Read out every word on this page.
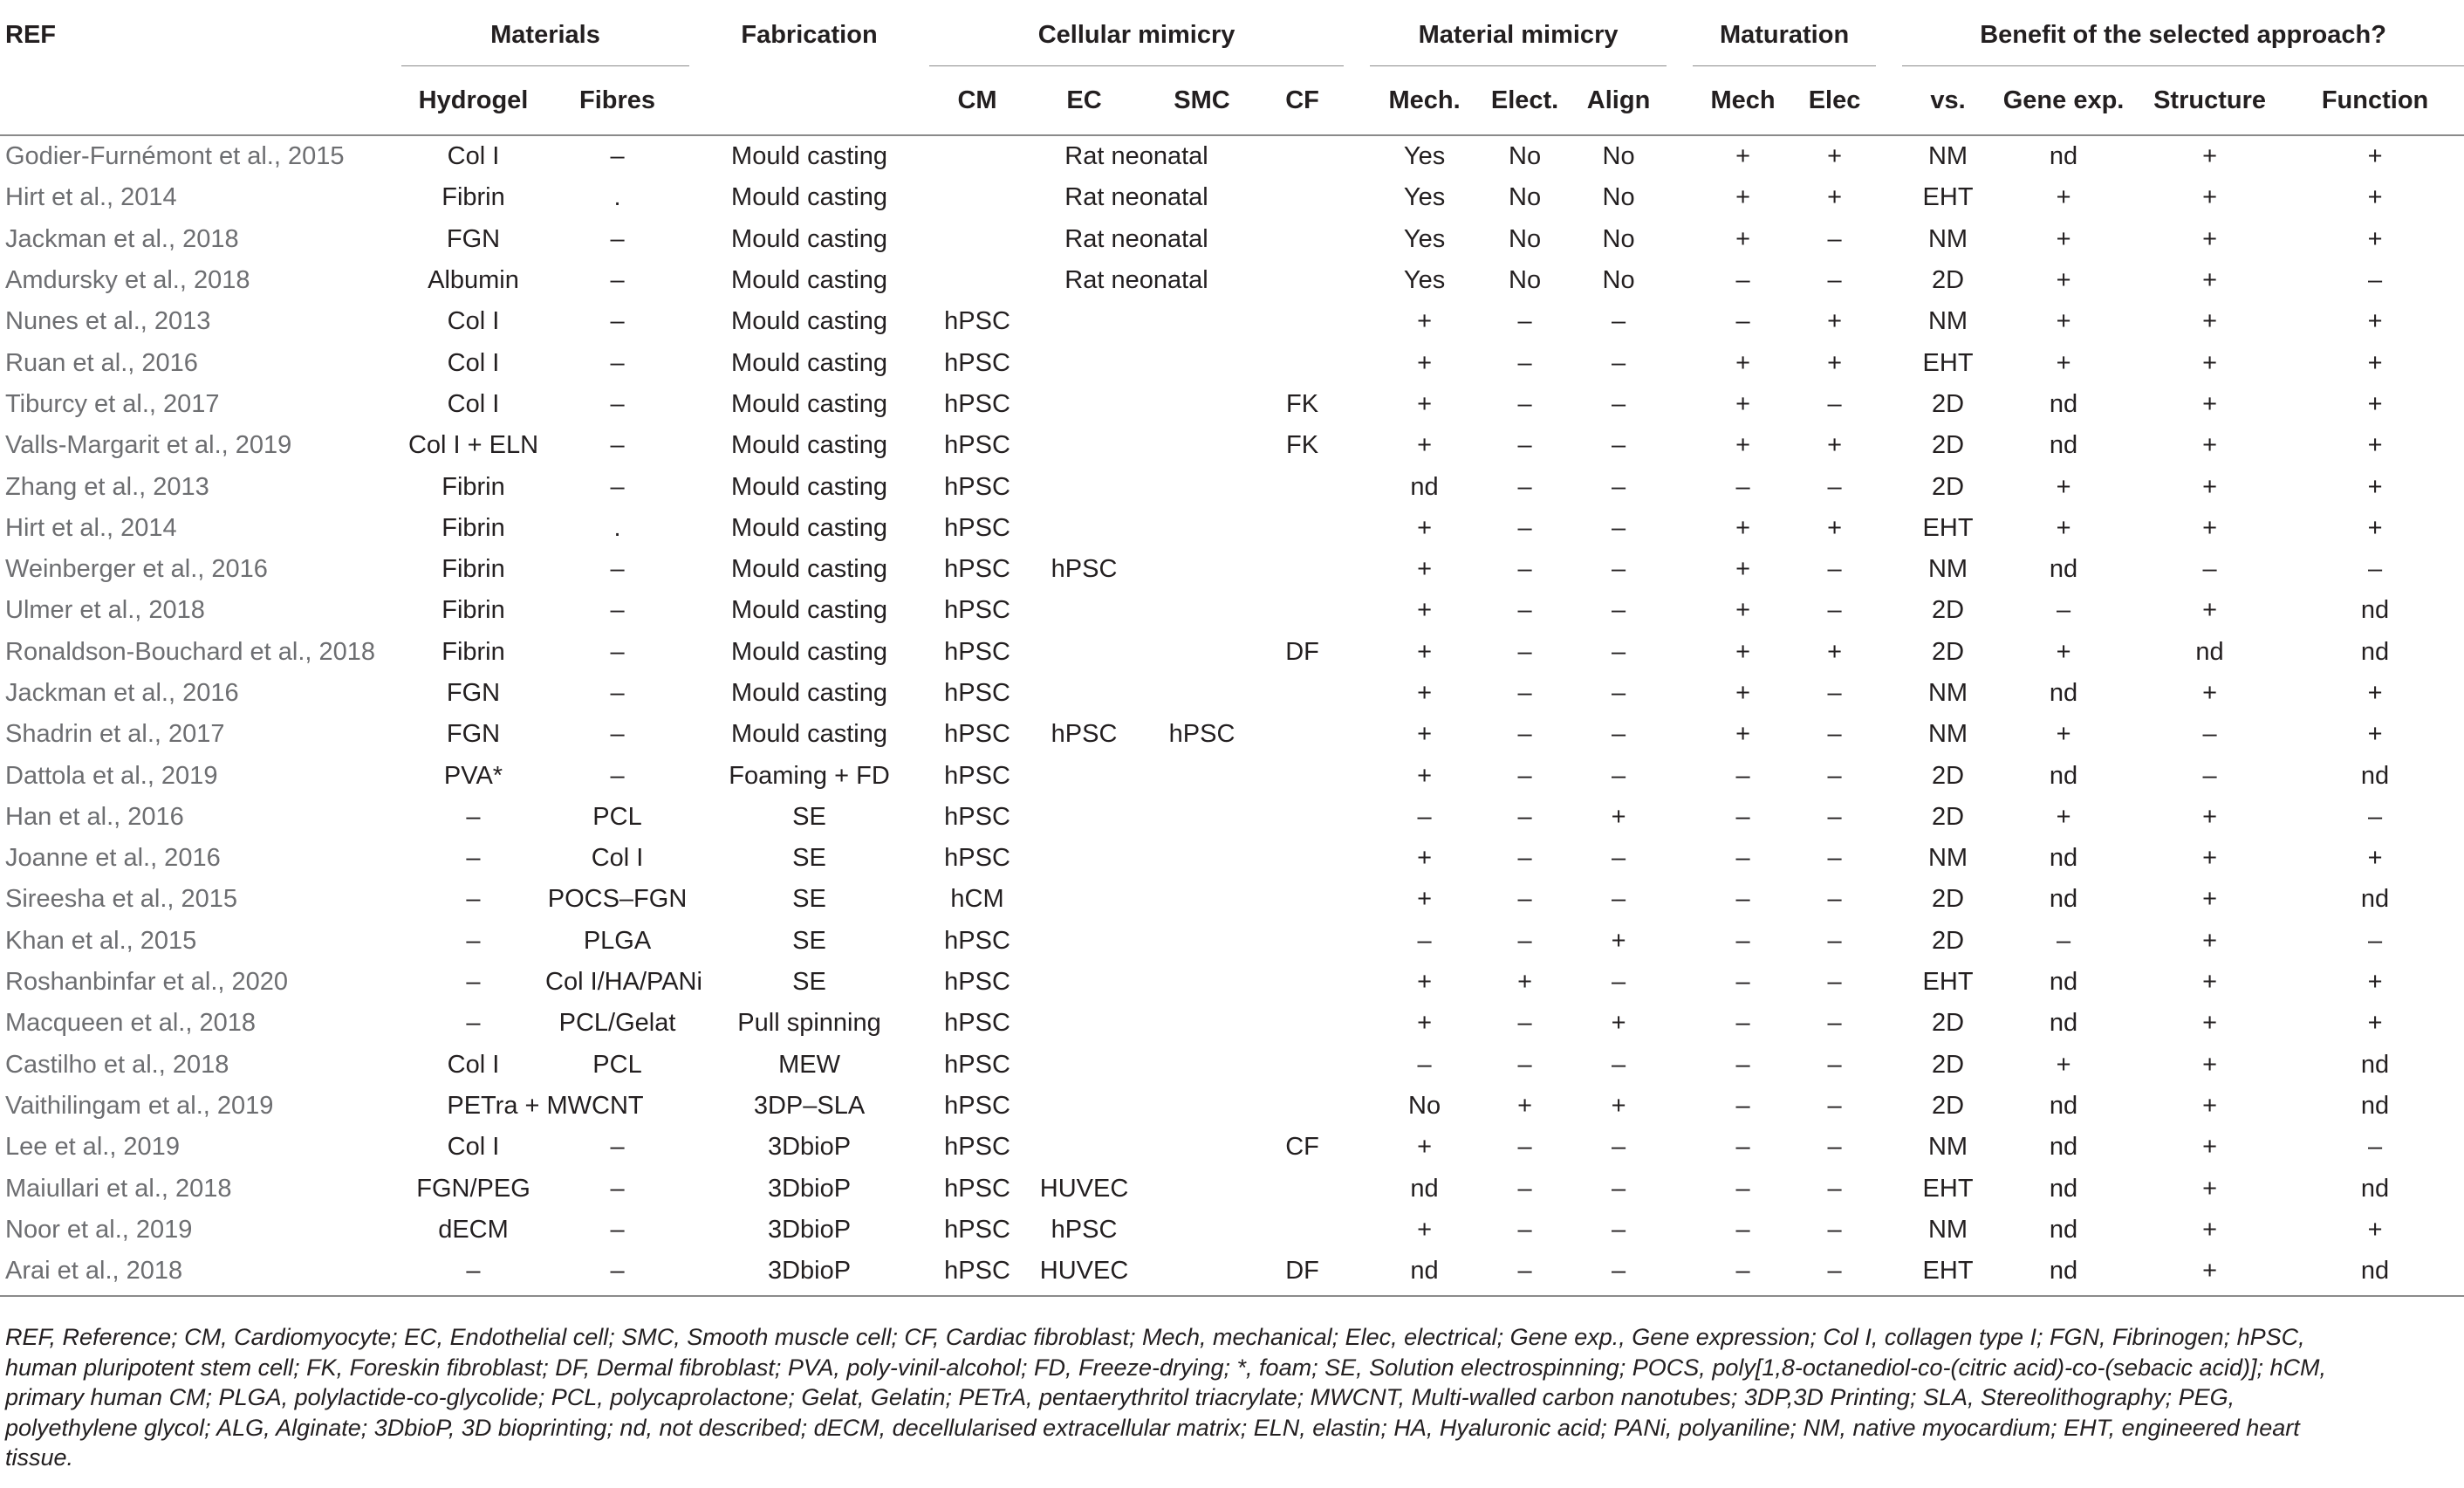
REF		Materials			Fabrication		Cellular mimicry					Material mimicry				Maturation			Benefit of the selected approach?			
		Hydrogel	Fibres				CM	EC	SMC	CF		Mech.	Elect.	Align		Mech	Elec		vs.	Gene exp.	Structure	Function
Godier-Furnémont et al., 2015		Col I	–		Mould casting		Rat neonatal					Yes	No	No		+	+		NM	nd	+	+
Hirt et al., 2014		Fibrin	.		Mould casting		Rat neonatal					Yes	No	No		+	+		EHT	+	+	+
Jackman et al., 2018		FGN	–		Mould casting		Rat neonatal					Yes	No	No		+	–		NM	+	+	+
Amdursky et al., 2018		Albumin	–		Mould casting		Rat neonatal					Yes	No	No		–	–		2D	+	+	–
Nunes et al., 2013		Col I	–		Mould casting		hPSC					+	–	–		–	+		NM	+	+	+
Ruan et al., 2016		Col I	–		Mould casting		hPSC					+	–	–		+	+		EHT	+	+	+
Tiburcy et al., 2017		Col I	–		Mould casting		hPSC			FK		+	–	–		+	–		2D	nd	+	+
Valls-Margarit et al., 2019		Col I + ELN	–		Mould casting		hPSC			FK		+	–	–		+	+		2D	nd	+	+
Zhang et al., 2013		Fibrin	–		Mould casting		hPSC					nd	–	–		–	–		2D	+	+	+
Hirt et al., 2014		Fibrin	.		Mould casting		hPSC					+	–	–		+	+		EHT	+	+	+
Weinberger et al., 2016		Fibrin	–		Mould casting		hPSC	hPSC				+	–	–		+	–		NM	nd	–	–
Ulmer et al., 2018		Fibrin	–		Mould casting		hPSC					+	–	–		+	–		2D	–	+	nd
Ronaldson-Bouchard et al., 2018		Fibrin	–		Mould casting		hPSC			DF		+	–	–		+	+		2D	+	nd	nd
Jackman et al., 2016		FGN	–		Mould casting		hPSC					+	–	–		+	–		NM	nd	+	+
Shadrin et al., 2017		FGN	–		Mould casting		hPSC	hPSC	hPSC			+	–	–		+	–		NM	+	–	+
Dattola et al., 2019		PVA*	–		Foaming + FD		hPSC					+	–	–		–	–		2D	nd	–	nd
Han et al., 2016		–	PCL		SE		hPSC					–	–	+		–	–		2D	+	+	–
Joanne et al., 2016		–	Col I		SE		hPSC					+	–	–		–	–		NM	nd	+	+
Sireesha et al., 2015		–	POCS–FGN		SE		hCM					+	–	–		–	–		2D	nd	+	nd
Khan et al., 2015		–	PLGA		SE		hPSC					–	–	+		–	–		2D	–	+	–
Roshanbinfar et al., 2020		–	Col I/HA/PANi		SE		hPSC					+	+	–		–	–		EHT	nd	+	+
Macqueen et al., 2018		–	PCL/Gelat		Pull spinning		hPSC					+	–	+		–	–		2D	nd	+	+
Castilho et al., 2018		Col I	PCL		MEW		hPSC					–	–	–		–	–		2D	+	+	nd
Vaithilingam et al., 2019		PETra + MWCNT			3DP–SLA		hPSC					No	+	+		–	–		2D	nd	+	nd
Lee et al., 2019		Col I	–		3DbioP		hPSC			CF		+	–	–		–	–		NM	nd	+	–
Maiullari et al., 2018		FGN/PEG	–		3DbioP		hPSC	HUVEC				nd	–	–		–	–		EHT	nd	+	nd
Noor et al., 2019		dECM	–		3DbioP		hPSC	hPSC				+	–	–		–	–		NM	nd	+	+
Arai et al., 2018		–	–		3DbioP		hPSC	HUVEC		DF		nd	–	–		–	–		EHT	nd	+	nd
REF, Reference; CM, Cardiomyocyte; EC, Endothelial cell; SMC, Smooth muscle cell; CF, Cardiac fibroblast; Mech, mechanical; Elec, electrical; Gene exp., Gene expression; Col I, collagen type I; FGN, Fibrinogen; hPSC, human pluripotent stem cell; FK, Foreskin fibroblast; DF, Dermal fibroblast; PVA, poly-vinil-alcohol; FD, Freeze-drying; *, foam; SE, Solution electrospinning; POCS, poly[1,8-octanediol-co-(citric acid)-co-(sebacic acid)]; hCM, primary human CM; PLGA, polylactide-co-glycolide; PCL, polycaprolactone; Gelat, Gelatin; PETrA, pentaerythritol triacrylate; MWCNT, Multi-walled carbon nanotubes; 3DP,3D Printing; SLA, Stereolithography; PEG, polyethylene glycol; ALG, Alginate; 3DbioP, 3D bioprinting; nd, not described; dECM, decellularised extracellular matrix; ELN, elastin; HA, Hyaluronic acid; PANi, polyaniline; NM, native myocardium; EHT, engineered heart tissue.
